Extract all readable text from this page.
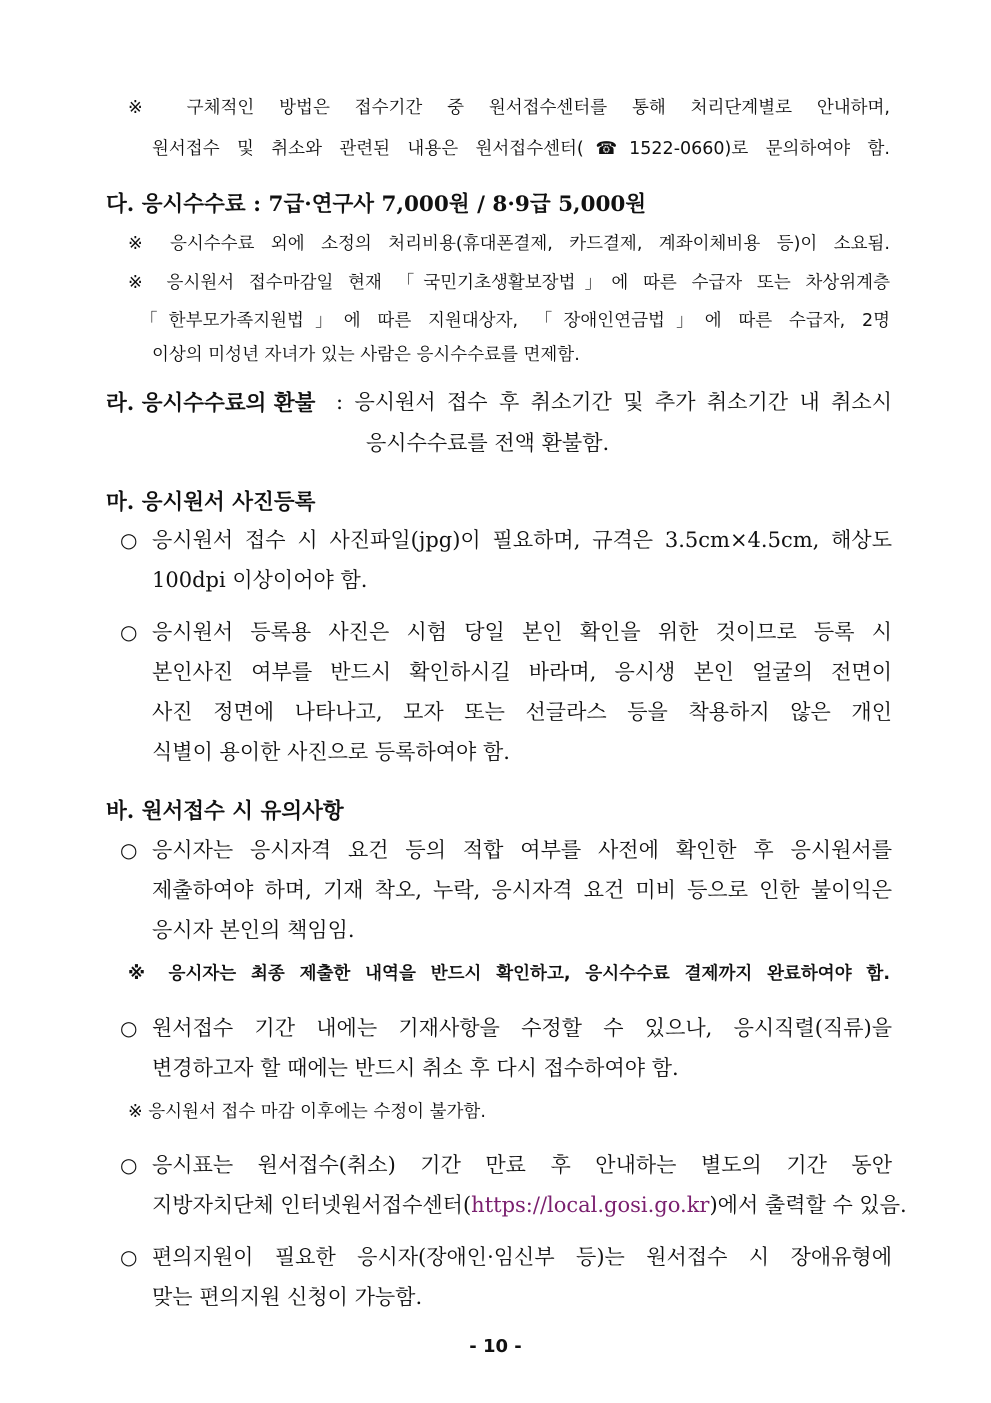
※ 구체적인 방법은 접수기간 중 원서접수센터를 통해 처리단계별로 안내하며,
원서접수 및 취소와 관련된 내용은 원서접수센터(☎1522-0660)로 문의하여야 함.
다. 응시수수료 : 7급·연구사 7,000원 / 8·9급 5,000원
※ 응시수수료 외에 소정의 처리비용(휴대폰결제, 카드결제, 계좌이체비용 등)이 소요됨.
※ 응시원서 접수마감일 현재 「국민기초생활보장법」에 따른 수급자 또는 차상위계층
「한부모가족지원법」에 따른 지원대상자, 「장애인연금법」에 따른 수급자, 2명
이상의 미성년 자녀가 있는 사람은 응시수수료를 면제함.
라. 응시수수료의 환불 : 응시원서 접수 후 취소기간 및 추가 취소기간 내 취소시
응시수수료를 전액 환불함.
마. 응시원서 사진등록
○ 응시원서 접수 시 사진파일(jpg)이 필요하며, 규격은 3.5cm×4.5cm, 해상도
100dpi 이상이어야 함.
○ 응시원서 등록용 사진은 시험 당일 본인 확인을 위한 것이므로 등록 시
본인사진 여부를 반드시 확인하시길 바라며, 응시생 본인 얼굴의 전면이
사진 정면에 나타나고, 모자 또는 선글라스 등을 착용하지 않은 개인
식별이 용이한 사진으로 등록하여야 함.
바. 원서접수 시 유의사항
○ 응시자는 응시자격 요건 등의 적합 여부를 사전에 확인한 후 응시원서를
제출하여야 하며, 기재 착오, 누락, 응시자격 요건 미비 등으로 인한 불이익은
응시자 본인의 책임임.
※ 응시자는 최종 제출한 내역을 반드시 확인하고, 응시수수료 결제까지 완료하여야 함.
○ 원서접수 기간 내에는 기재사항을 수정할 수 있으나, 응시직렬(직류)을
변경하고자 할 때에는 반드시 취소 후 다시 접수하여야 함.
※ 응시원서 접수 마감 이후에는 수정이 불가함.
○ 응시표는 원서접수(취소) 기간 만료 후 안내하는 별도의 기간 동안
지방자치단체 인터넷원서접수센터(https://local.gosi.go.kr)에서 출력할 수 있음.
○ 편의지원이 필요한 응시자(장애인·임신부 등)는 원서접수 시 장애유형에
맞는 편의지원 신청이 가능함.
- 10 -
